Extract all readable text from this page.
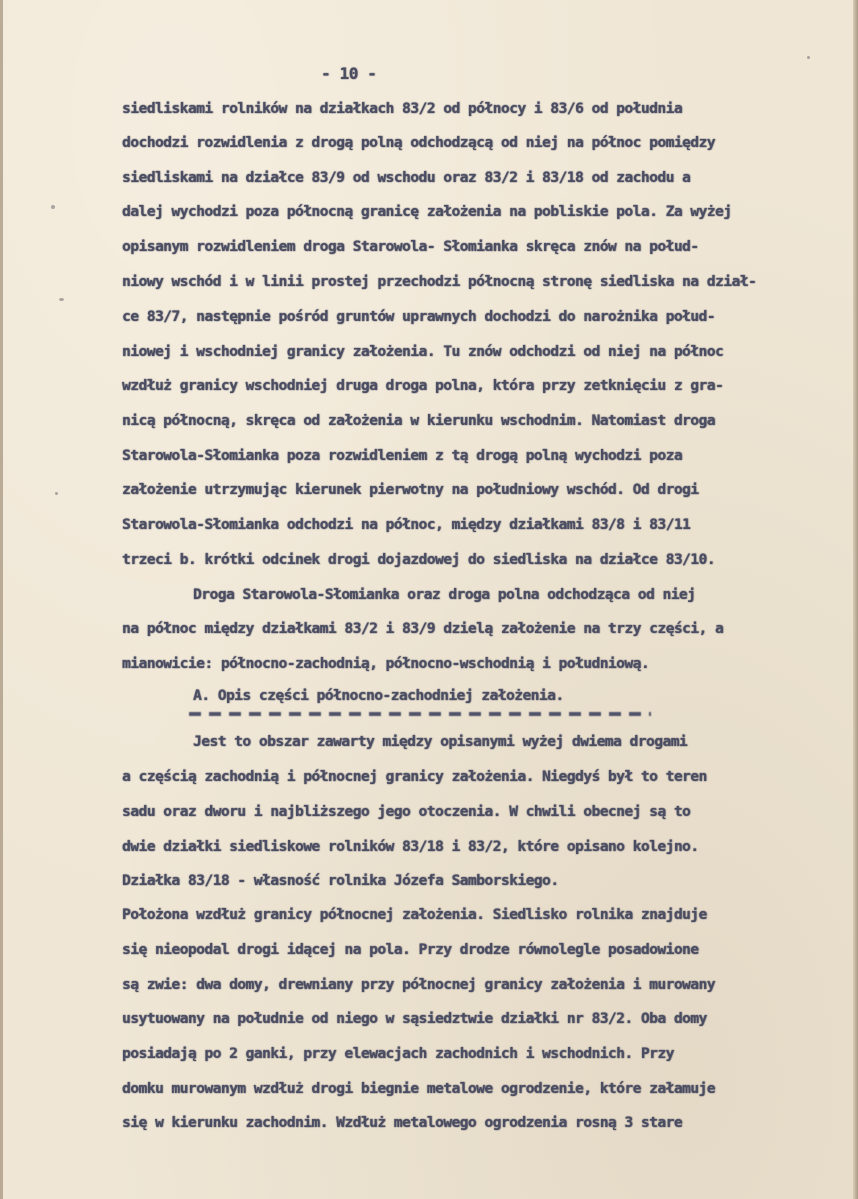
- 10 -
siedliskami rolników na działkach 83/2 od północy i 83/6 od południa
dochodzi rozwidlenia z drogą polną odchodzącą od niej na północ pomiędzy
siedliskami na działce 83/9 od wschodu oraz 83/2 i 83/18 od zachodu a
dalej wychodzi poza północną granicę założenia na pobliskie pola. Za wyżej
opisanym rozwidleniem droga Starowola- Słomianka skręca znów na połud-
niowy wschód i w linii prostej przechodzi północną stronę siedliska na dział-
ce 83/7, następnie pośród gruntów uprawnych dochodzi do narożnika połud-
niowej i wschodniej granicy założenia. Tu znów odchodzi od niej na północ
wzdłuż granicy wschodniej druga droga polna, która przy zetknięciu z gra-
nicą północną, skręca od założenia w kierunku wschodnim. Natomiast droga
Starowola-Słomianka poza rozwidleniem z tą drogą polną wychodzi poza
założenie utrzymując kierunek pierwotny na południowy wschód. Od drogi
Starowola-Słomianka odchodzi na północ, między działkami 83/8 i 83/11
trzeci b. krótki odcinek drogi dojazdowej do siedliska na działce 83/10.
Droga Starowola-Słomianka oraz droga polna odchodząca od niej
na północ między działkami 83/2 i 83/9 dzielą założenie na trzy części, a
mianowicie: północno-zachodnią, północno-wschodnią i południową.
A. Opis części północno-zachodniej założenia.
Jest to obszar zawarty między opisanymi wyżej dwiema drogami
a częścią zachodnią i północnej granicy założenia. Niegdyś był to teren
sadu oraz dworu i najbliższego jego otoczenia. W chwili obecnej są to
dwie działki siedliskowe rolników 83/18 i 83/2, które opisano kolejno.
Działka 83/18 - własność rolnika Józefa Samborskiego.
Położona wzdłuż granicy północnej założenia. Siedlisko rolnika znajduje
się nieopodal drogi idącej na pola. Przy drodze równolegle posadowione
są zwie: dwa domy, drewniany przy północnej granicy założenia i murowany
usytuowany na południe od niego w sąsiedztwie działki nr 83/2. Oba domy
posiadają po 2 ganki, przy elewacjach zachodnich i wschodnich. Przy
domku murowanym wzdłuż drogi biegnie metalowe ogrodzenie, które załamuje
się w kierunku zachodnim. Wzdłuż metalowego ogrodzenia rosną 3 stare
